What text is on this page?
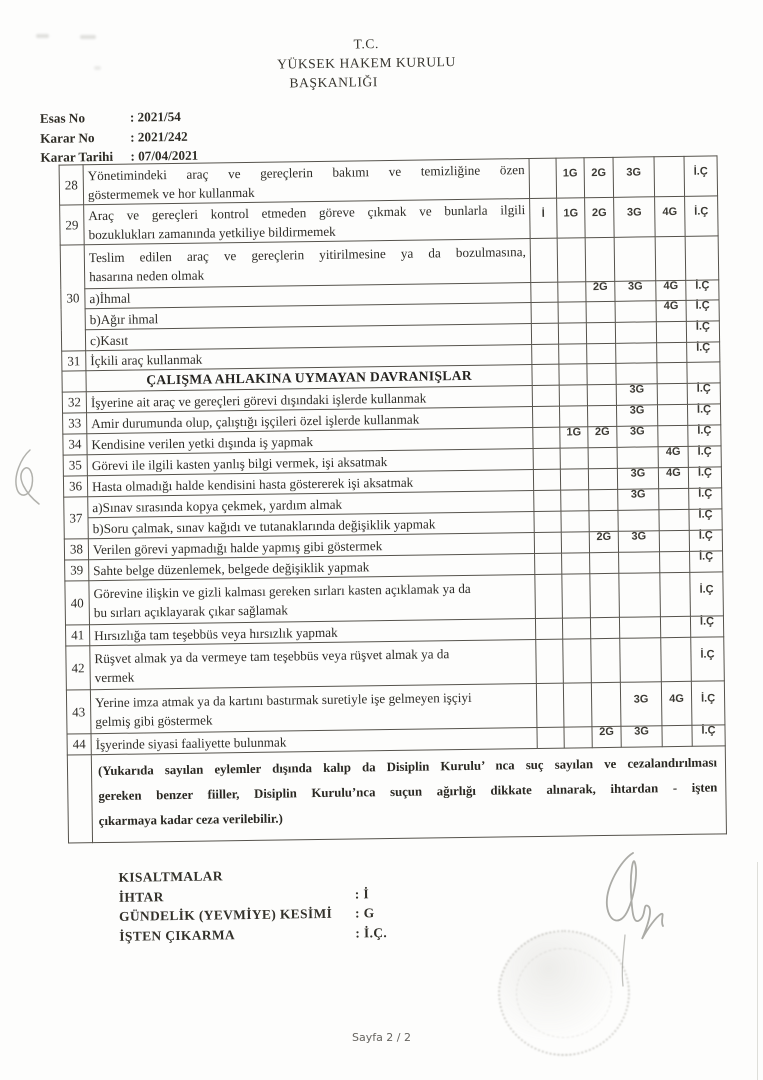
T.C.
YÜKSEK HAKEM KURULU
BAŞKANLIĞI
Esas No	: 2021/54
Karar No	: 2021/242
Karar Tarihi	: 07/04/2021
28	Yönetimindeki araç ve gereçlerin bakımı ve temizliğine özen
göstermemek ve hor kullanmak		1G	2G	3G		İ.Ç
29	Araç ve gereçleri kontrol etmeden göreve çıkmak ve bunlarla ilgili
bozuklukları zamanında yetkiliye bildirmemek	İ	1G	2G	3G	4G	İ.Ç
30	Teslim edilen araç ve gereçlerin yitirilmesine ya da bozulmasına,
hasarına neden olmak						

	a)İhmal			2G	3G	4G	İ.Ç

	b)Ağır ihmal					4G	İ.Ç

	c)Kasıt						İ.Ç
31	İçkili araç kullanmak						İ.Ç
	ÇALIŞMA AHLAKINA UYMAYAN DAVRANIŞLAR						
32	İşyerine ait araç ve gereçleri görevi dışındaki işlerde kullanmak				3G		İ.Ç
33	Amir durumunda olup, çalıştığı işçileri özel işlerde kullanmak				3G		İ.Ç
34	Kendisine verilen yetki dışında iş yapmak		1G	2G	3G		İ.Ç
35	Görevi ile ilgili kasten yanlış bilgi vermek, işi aksatmak					4G	İ.Ç
36	Hasta olmadığı halde kendisini hasta göstererek işi aksatmak				3G	4G	İ.Ç
37	a)Sınav sırasında kopya çekmek, yardım almak				3G		İ.Ç

	b)Soru çalmak, sınav kağıdı ve tutanaklarında değişiklik yapmak						İ.Ç
38	Verilen görevi yapmadığı halde yapmış gibi göstermek			2G	3G		İ.Ç
39	Sahte belge düzenlemek, belgede değişiklik yapmak						İ.Ç
40	Görevine ilişkin ve gizli kalması gereken sırları kasten açıklamak ya da
bu sırları açıklayarak çıkar sağlamak						İ.Ç
41	Hırsızlığa tam teşebbüs veya hırsızlık yapmak						İ.Ç
42	Rüşvet almak ya da vermeye tam teşebbüs veya rüşvet almak ya da
vermek						İ.Ç
43	Yerine imza atmak ya da kartını bastırmak suretiyle işe gelmeyen işçiyi
gelmiş gibi göstermek				3G	4G	İ.Ç
44	İşyerinde siyasi faaliyette bulunmak			2G	3G		İ.Ç

	(Yukarıda sayılan eylemler dışında kalıp da Disiplin Kurulu’ nca suç sayılan ve cezalandırılması
gereken benzer fiiller, Disiplin Kurulu’nca suçun ağırlığı dikkate alınarak, ihtardan - işten
çıkarmaya kadar ceza verilebilir.)						
KISALTMALAR
İHTAR	: İ
GÜNDELİK (YEVMİYE) KESİMİ	: G
İŞTEN ÇIKARMA	: İ.Ç.
Sayfa 2 / 2
